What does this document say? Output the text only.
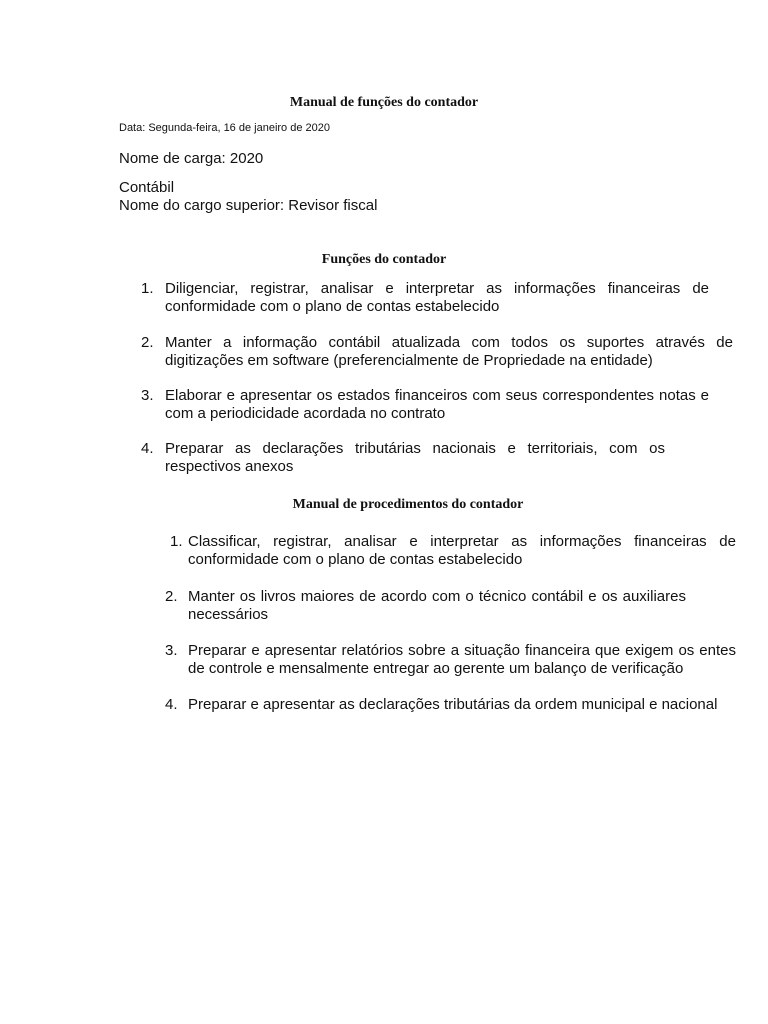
Manual de funções do contador
Data: Segunda-feira, 16 de janeiro de 2020
Nome de carga: 2020
Contábil
Nome do cargo superior: Revisor fiscal
Funções do contador
1. Diligenciar, registrar, analisar e interpretar as informações financeiras de conformidade com o plano de contas estabelecido
2. Manter a informação contábil atualizada com todos os suportes através de digitizações em software (preferencialmente de Propriedade na entidade)
3. Elaborar e apresentar os estados financeiros com seus correspondentes notas e com a periodicidade acordada no contrato
4. Preparar as declarações tributárias nacionais e territoriais, com os respectivos anexos
Manual de procedimentos do contador
1. Classificar, registrar, analisar e interpretar as informações financeiras de conformidade com o plano de contas estabelecido
2. Manter os livros maiores de acordo com o técnico contábil e os auxiliares necessários
3. Preparar e apresentar relatórios sobre a situação financeira que exigem os entes de controle e mensalmente entregar ao gerente um balanço de verificação
4. Preparar e apresentar as declarações tributárias da ordem municipal e nacional
